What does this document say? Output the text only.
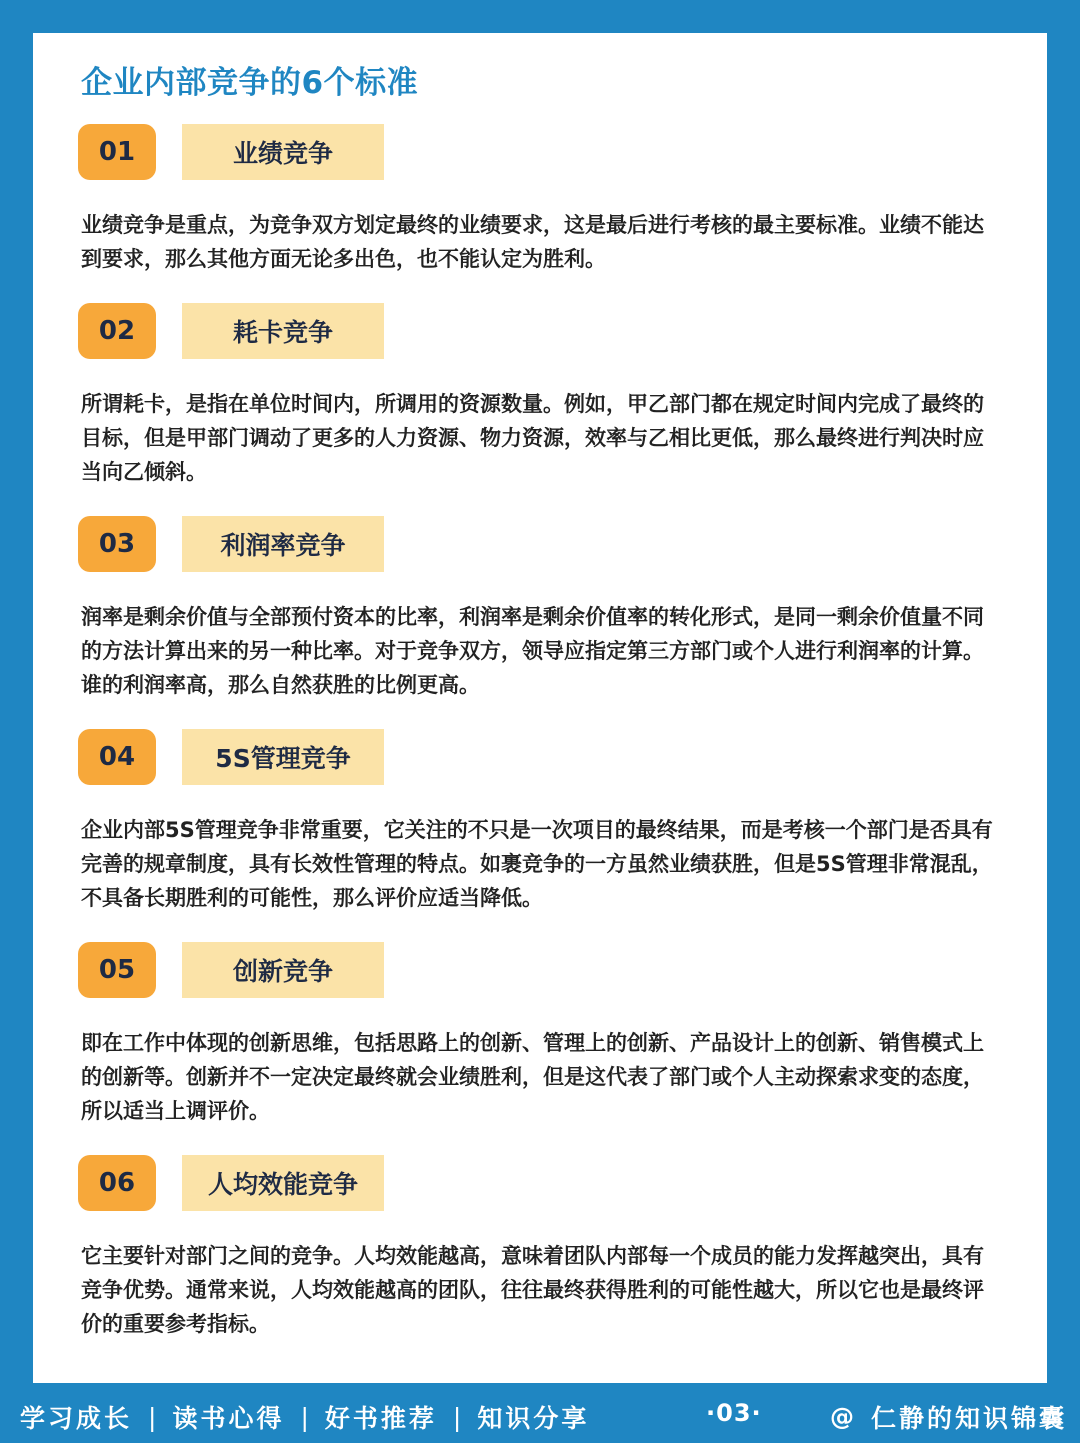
企业内部竞争的6个标准
01	业绩竞争
业绩竞争是重点，为竞争双方划定最终的业绩要求，这是最后进行考核的最主要标准。业绩不能达到要求，那么其他方面无论多出色，也不能认定为胜利。
02	耗卡竞争
所谓耗卡，是指在单位时间内，所调用的资源数量。例如，甲乙部门都在规定时间内完成了最终的目标，但是甲部门调动了更多的人力资源、物力资源，效率与乙相比更低，那么最终进行判决时应当向乙倾斜。
03	利润率竞争
润率是剩余价值与全部预付资本的比率，利润率是剩余价值率的转化形式，是同一剩余价值量不同的方法计算出来的另一种比率。对于竞争双方，领导应指定第三方部门或个人进行利润率的计算。谁的利润率高，那么自然获胜的比例更高。
04	5S管理竞争
企业内部5S管理竞争非常重要，它关注的不只是一次项目的最终结果，而是考核一个部门是否具有完善的规章制度，具有长效性管理的特点。如裹竞争的一方虽然业绩获胜，但是5S管理非常混乱，不具备长期胜利的可能性，那么评价应适当降低。
05	创新竞争
即在工作中体现的创新思维，包括思路上的创新、管理上的创新、产品设计上的创新、销售模式上的创新等。创新并不一定决定最终就会业绩胜利，但是这代表了部门或个人主动探索求变的态度，所以适当上调评价。
06	人均效能竞争
它主要针对部门之间的竞争。人均效能越高，意味着团队内部每一个成员的能力发挥越突出，具有竞争优势。通常来说，人均效能越高的团队，往往最终获得胜利的可能性越大，所以它也是最终评价的重要参考指标。
学习成长 | 读书心得 | 好书推荐 | 知识分享	·03·	@ 仁静的知识锦囊
